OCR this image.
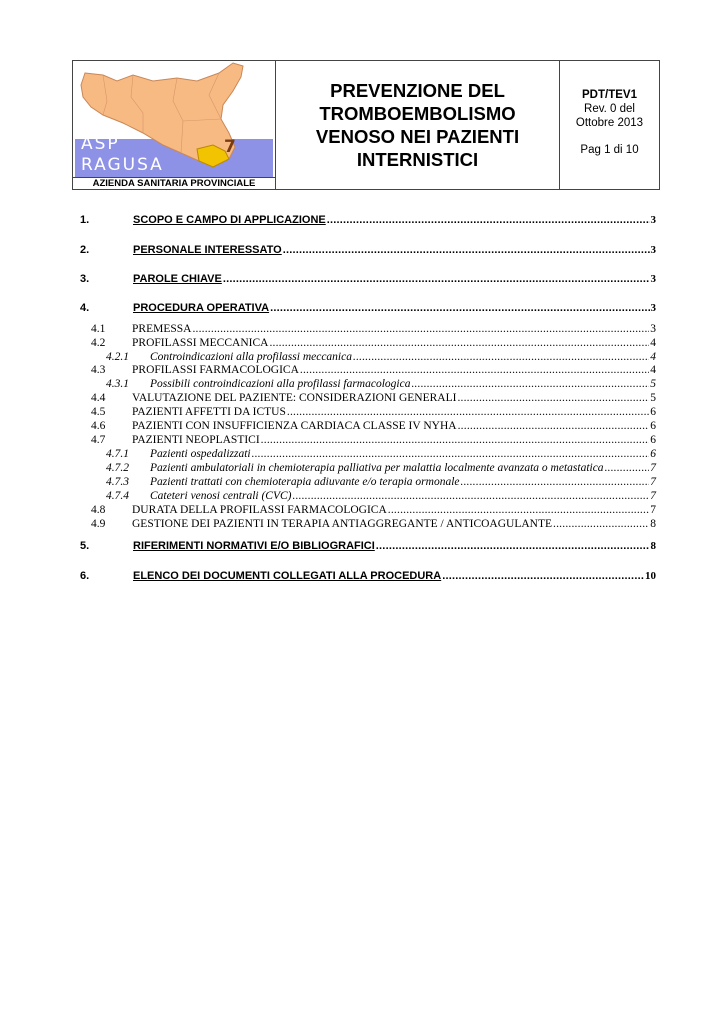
ASP
RAGUSA
7
AZIENDA SANITARIA PROVINCIALE
PREVENZIONE DEL
TROMBOEMBOLISMO
VENOSO NEI PAZIENTI
INTERNISTICI
PDT/TEV1
Rev. 0 del
Ottobre 2013
Pag 1 di 10
1.	SCOPO E CAMPO DI APPLICAZIONE .....	3
2.	PERSONALE INTERESSATO .....	3
3.	PAROLE CHIAVE .....	3
4.	PROCEDURA OPERATIVA .....	3
4.1 PREMESSA .....	3
4.2 PROFILASSI MECCANICA .....	4
4.2.1 Controindicazioni alla profilassi meccanica .....	4
4.3 PROFILASSI FARMACOLOGICA .....	4
4.3.1 Possibili controindicazioni alla profilassi farmacologica .....	5
4.4 VALUTAZIONE DEL PAZIENTE: CONSIDERAZIONI GENERALI .....	5
4.5 PAZIENTI AFFETTI DA ICTUS .....	6
4.6 PAZIENTI CON INSUFFICIENZA CARDIACA CLASSE IV NYHA .....	6
4.7 PAZIENTI NEOPLASTICI .....	6
4.7.1 Pazienti ospedalizzati .....	6
4.7.2 Pazienti ambulatoriali in chemioterapia palliativa per malattia localmente avanzata o metastatica .....	7
4.7.3 Pazienti trattati con chemioterapia adiuvante e/o terapia ormonale .....	7
4.7.4 Cateteri venosi centrali (CVC) .....	7
4.8 DURATA DELLA PROFILASSI FARMACOLOGICA .....	7
4.9 GESTIONE DEI PAZIENTI IN TERAPIA ANTIAGGREGANTE / ANTICOAGULANTE .....	8
5.	RIFERIMENTI NORMATIVI E/O BIBLIOGRAFICI .....	8
6.	ELENCO DEI DOCUMENTI COLLEGATI ALLA PROCEDURA .....	10
